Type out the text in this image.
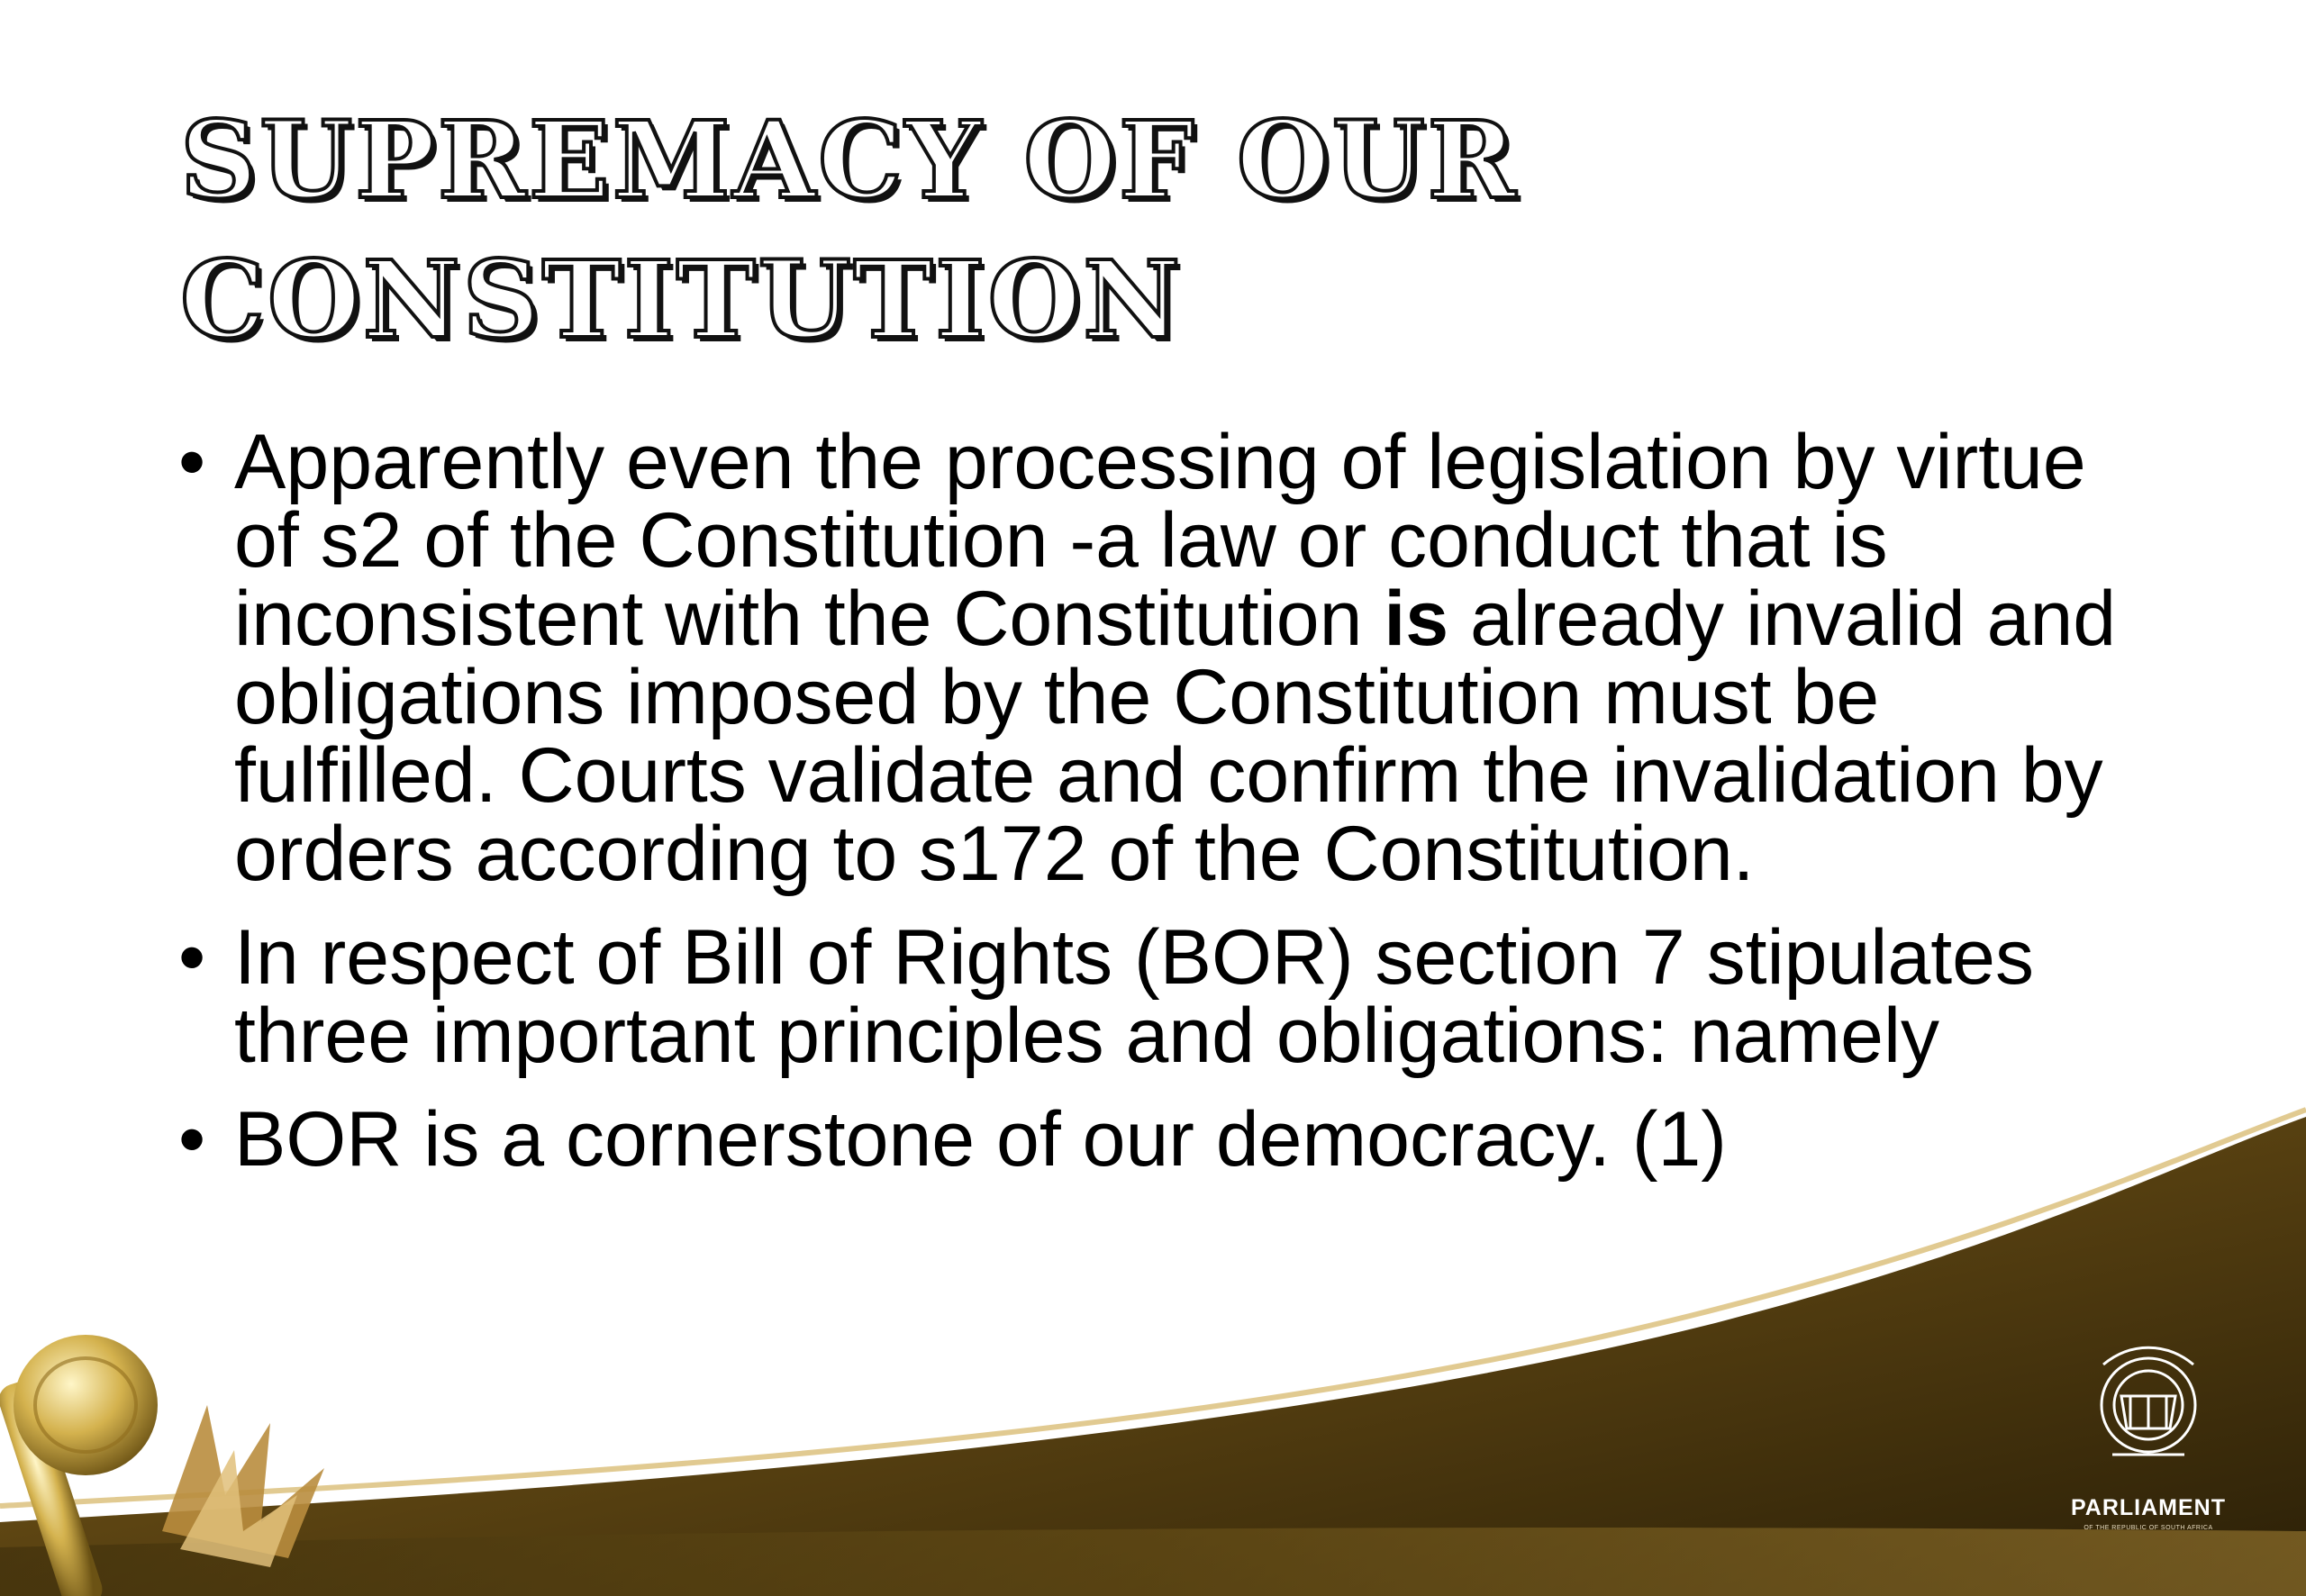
SUPREMACY OF OUR CONSTITUTION
• Apparently even the processing of legislation by virtue of s2 of the Constitution -a law or conduct that is inconsistent with the Constitution is already invalid and obligations imposed by the Constitution must be fulfilled. Courts validate and confirm the invalidation by orders according to s172 of the Constitution.
• In respect of Bill of Rights (BOR) section 7 stipulates three important principles and obligations: namely
• BOR is a cornerstone of our democracy. (1)
PARLIAMENT
OF THE REPUBLIC OF SOUTH AFRICA
